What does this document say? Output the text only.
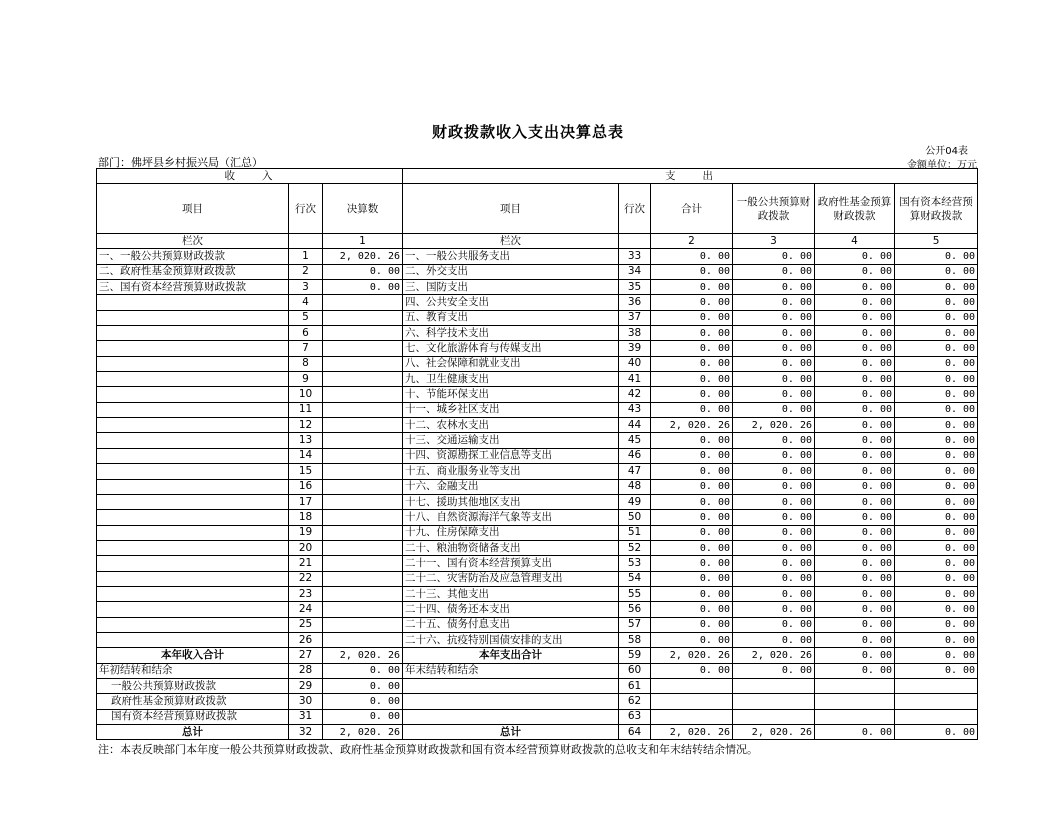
财政拨款收入支出决算总表
公开04表
部门：佛坪县乡村振兴局（汇总）	金额单位：万元
收　　入			支　　出					
项目	行次	决算数	项目	行次	合计	一般公共预算财政拨款	政府性基金预算财政拨款	国有资本经营预算财政拨款
栏次		1	栏次		2	3	4	5
一、一般公共预算财政拨款	1	2, 020. 26	一、一般公共服务支出	33	0. 00	0. 00	0. 00	0. 00
二、政府性基金预算财政拨款	2	0. 00	二、外交支出	34	0. 00	0. 00	0. 00	0. 00
三、国有资本经营预算财政拨款	3	0. 00	三、国防支出	35	0. 00	0. 00	0. 00	0. 00
	4		四、公共安全支出	36	0. 00	0. 00	0. 00	0. 00
	5		五、教育支出	37	0. 00	0. 00	0. 00	0. 00
	6		六、科学技术支出	38	0. 00	0. 00	0. 00	0. 00
	7		七、文化旅游体育与传媒支出	39	0. 00	0. 00	0. 00	0. 00
	8		八、社会保障和就业支出	40	0. 00	0. 00	0. 00	0. 00
	9		九、卫生健康支出	41	0. 00	0. 00	0. 00	0. 00
	10		十、节能环保支出	42	0. 00	0. 00	0. 00	0. 00
	11		十一、城乡社区支出	43	0. 00	0. 00	0. 00	0. 00
	12		十二、农林水支出	44	2, 020. 26	2, 020. 26	0. 00	0. 00
	13		十三、交通运输支出	45	0. 00	0. 00	0. 00	0. 00
	14		十四、资源勘探工业信息等支出	46	0. 00	0. 00	0. 00	0. 00
	15		十五、商业服务业等支出	47	0. 00	0. 00	0. 00	0. 00
	16		十六、金融支出	48	0. 00	0. 00	0. 00	0. 00
	17		十七、援助其他地区支出	49	0. 00	0. 00	0. 00	0. 00
	18		十八、自然资源海洋气象等支出	50	0. 00	0. 00	0. 00	0. 00
	19		十九、住房保障支出	51	0. 00	0. 00	0. 00	0. 00
	20		二十、粮油物资储备支出	52	0. 00	0. 00	0. 00	0. 00
	21		二十一、国有资本经营预算支出	53	0. 00	0. 00	0. 00	0. 00
	22		二十二、灾害防治及应急管理支出	54	0. 00	0. 00	0. 00	0. 00
	23		二十三、其他支出	55	0. 00	0. 00	0. 00	0. 00
	24		二十四、债务还本支出	56	0. 00	0. 00	0. 00	0. 00
	25		二十五、债务付息支出	57	0. 00	0. 00	0. 00	0. 00
	26		二十六、抗疫特别国债安排的支出	58	0. 00	0. 00	0. 00	0. 00
本年收入合计	27	2, 020. 26	本年支出合计	59	2, 020. 26	2, 020. 26	0. 00	0. 00
年初结转和结余	28	0. 00	年末结转和结余	60	0. 00	0. 00	0. 00	0. 00
一般公共预算财政拨款	29	0. 00		61				
政府性基金预算财政拨款	30	0. 00		62				
国有资本经营预算财政拨款	31	0. 00		63				
总计	32	2, 020. 26	总计	64	2, 020. 26	2, 020. 26	0. 00	0. 00
注：本表反映部门本年度一般公共预算财政拨款、政府性基金预算财政拨款和国有资本经营预算财政拨款的总收支和年末结转结余情况。
